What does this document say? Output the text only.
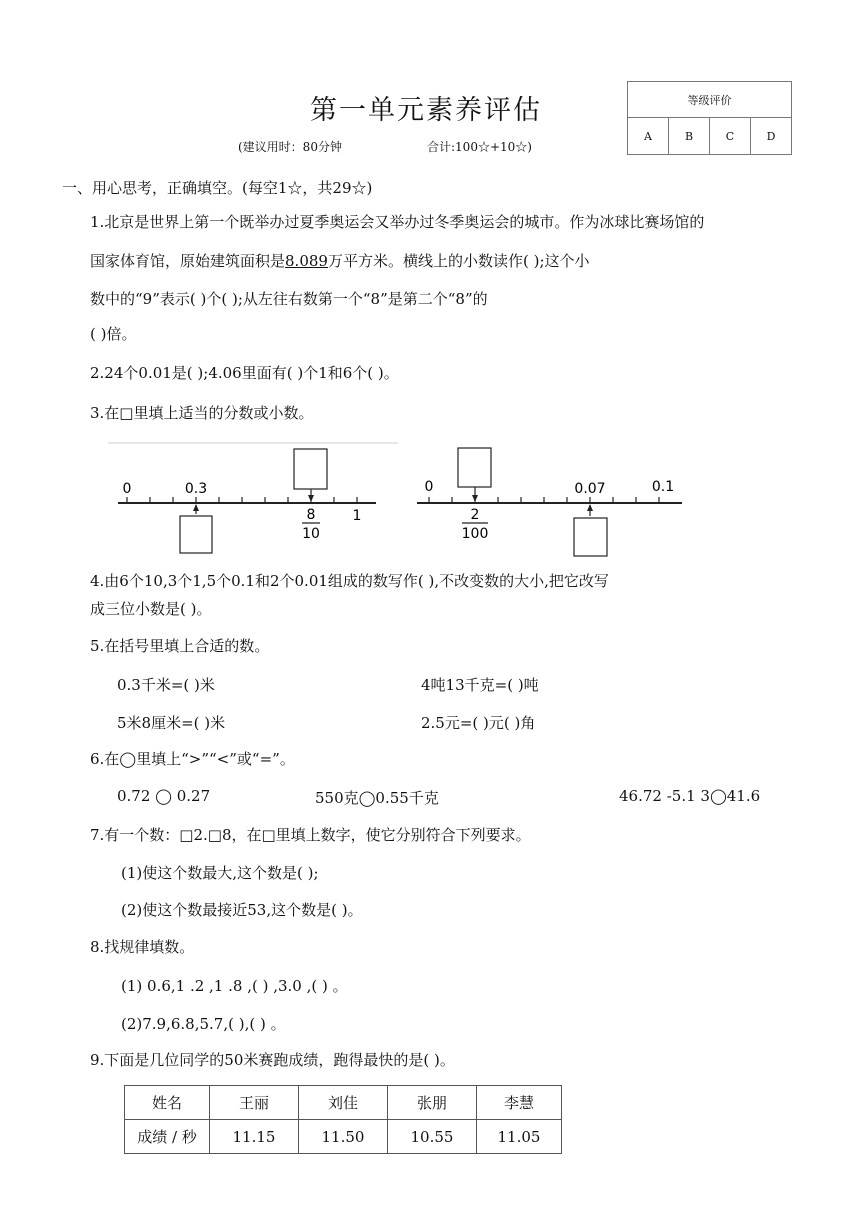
第一单元素养评估
(建议用时：80分钟	合计:100☆+10☆)
等级评价
A	B	C	D
一、用心思考，正确填空。(每空1☆，共29☆)
1.北京是世界上第一个既举办过夏季奥运会又举办过冬季奥运会的城市。作为冰球比赛场馆的
国家体育馆，原始建筑面积是8.089万平方米。横线上的小数读作( );这个小
数中的“9”表示( )个( );从左往右数第一个“8”是第二个“8”的
( )倍。
2.24个0.01是( );4.06里面有( )个1和6个( )。
3.在□里填上适当的分数或小数。
0	0.3
1
8
10
0	0.07	0.1
2
100
4.由6个10,3个1,5个0.1和2个0.01组成的数写作( ),不改变数的大小,把它改写
成三位小数是( )。
5.在括号里填上合适的数。
0.3千米=( )米	4吨13千克=( )吨
5米8厘米=( )米	2.5元=( )元( )角
6.在◯里填上“>”“<”或“=”。
0.72 ◯ 0.27	550克◯0.55千克	46.72 -5.1 3◯41.6
7.有一个数：□2.□8，在□里填上数字，使它分别符合下列要求。
(1)使这个数最大,这个数是( );
(2)使这个数最接近53,这个数是( )。
8.找规律填数。
(1) 0.6,1 .2 ,1 .8 ,( ) ,3.0 ,( ) 。
(2)7.9,6.8,5.7,( ),( ) 。
9.下面是几位同学的50米赛跑成绩，跑得最快的是( )。
姓名	王丽	刘佳	张朋	李慧
成绩 / 秒	11.15	11.50	10.55	11.05
